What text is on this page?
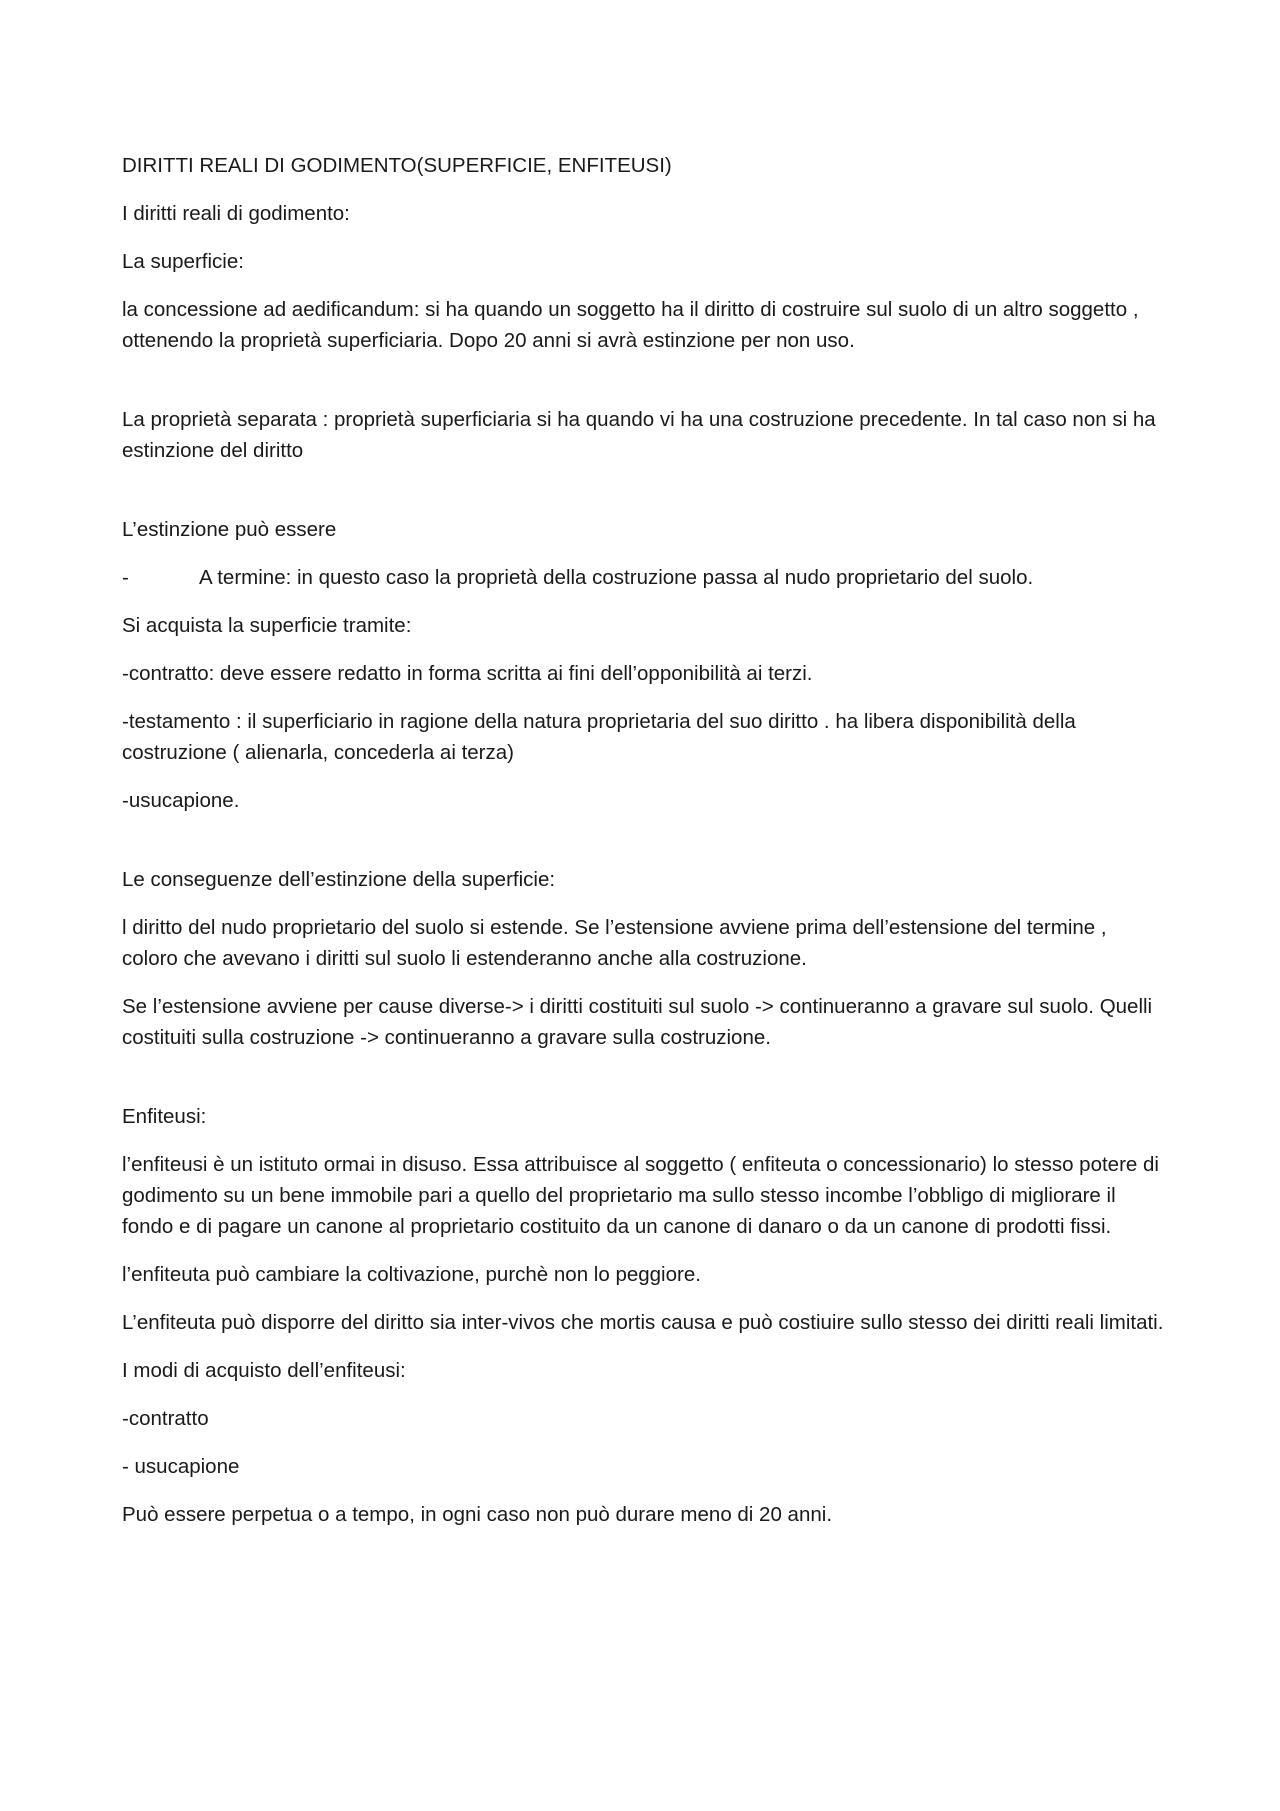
DIRITTI REALI DI GODIMENTO(SUPERFICIE, ENFITEUSI)

I diritti reali di godimento:

La superficie:

la concessione ad aedificandum: si ha quando un soggetto ha il diritto di costruire sul suolo di un altro soggetto , ottenendo la proprietà superficiaria. Dopo 20 anni si avrà estinzione per non uso.

La proprietà separata : proprietà superficiaria si ha quando vi ha una costruzione precedente. In tal caso non si ha estinzione del diritto

L’estinzione può essere

-	A termine: in questo caso la proprietà della costruzione passa al nudo proprietario del suolo.

Si acquista la superficie tramite:

-contratto: deve essere redatto in forma scritta ai fini dell’opponibilità ai terzi.

-testamento : il superficiario in ragione della natura proprietaria del suo diritto . ha libera disponibilità della costruzione ( alienarla, concederla ai terza)

-usucapione.

Le conseguenze dell’estinzione della superficie:

l diritto del nudo proprietario del suolo si estende. Se l’estensione avviene prima dell’estensione del termine , coloro che avevano i diritti sul suolo li estenderanno anche alla costruzione.

Se l’estensione avviene per cause diverse-> i diritti costituiti sul suolo -> continueranno a gravare sul suolo. Quelli costituiti sulla costruzione -> continueranno a gravare sulla costruzione.

Enfiteusi:

l’enfiteusi è un istituto ormai in disuso. Essa attribuisce al soggetto ( enfiteuta o concessionario) lo stesso potere di godimento su un bene immobile pari a quello del proprietario ma sullo stesso incombe l’obbligo di migliorare il fondo e di pagare un canone al proprietario costituito da un canone di danaro o da un canone di prodotti fissi.

l’enfiteuta può cambiare la coltivazione, purchè non lo peggiore.

L’enfiteuta può disporre del diritto sia inter-vivos che mortis causa e può costiuire sullo stesso dei diritti reali limitati.

I modi di acquisto dell’enfiteusi:

-contratto

- usucapione

Può essere perpetua o a tempo, in ogni caso non può durare meno di 20 anni.
